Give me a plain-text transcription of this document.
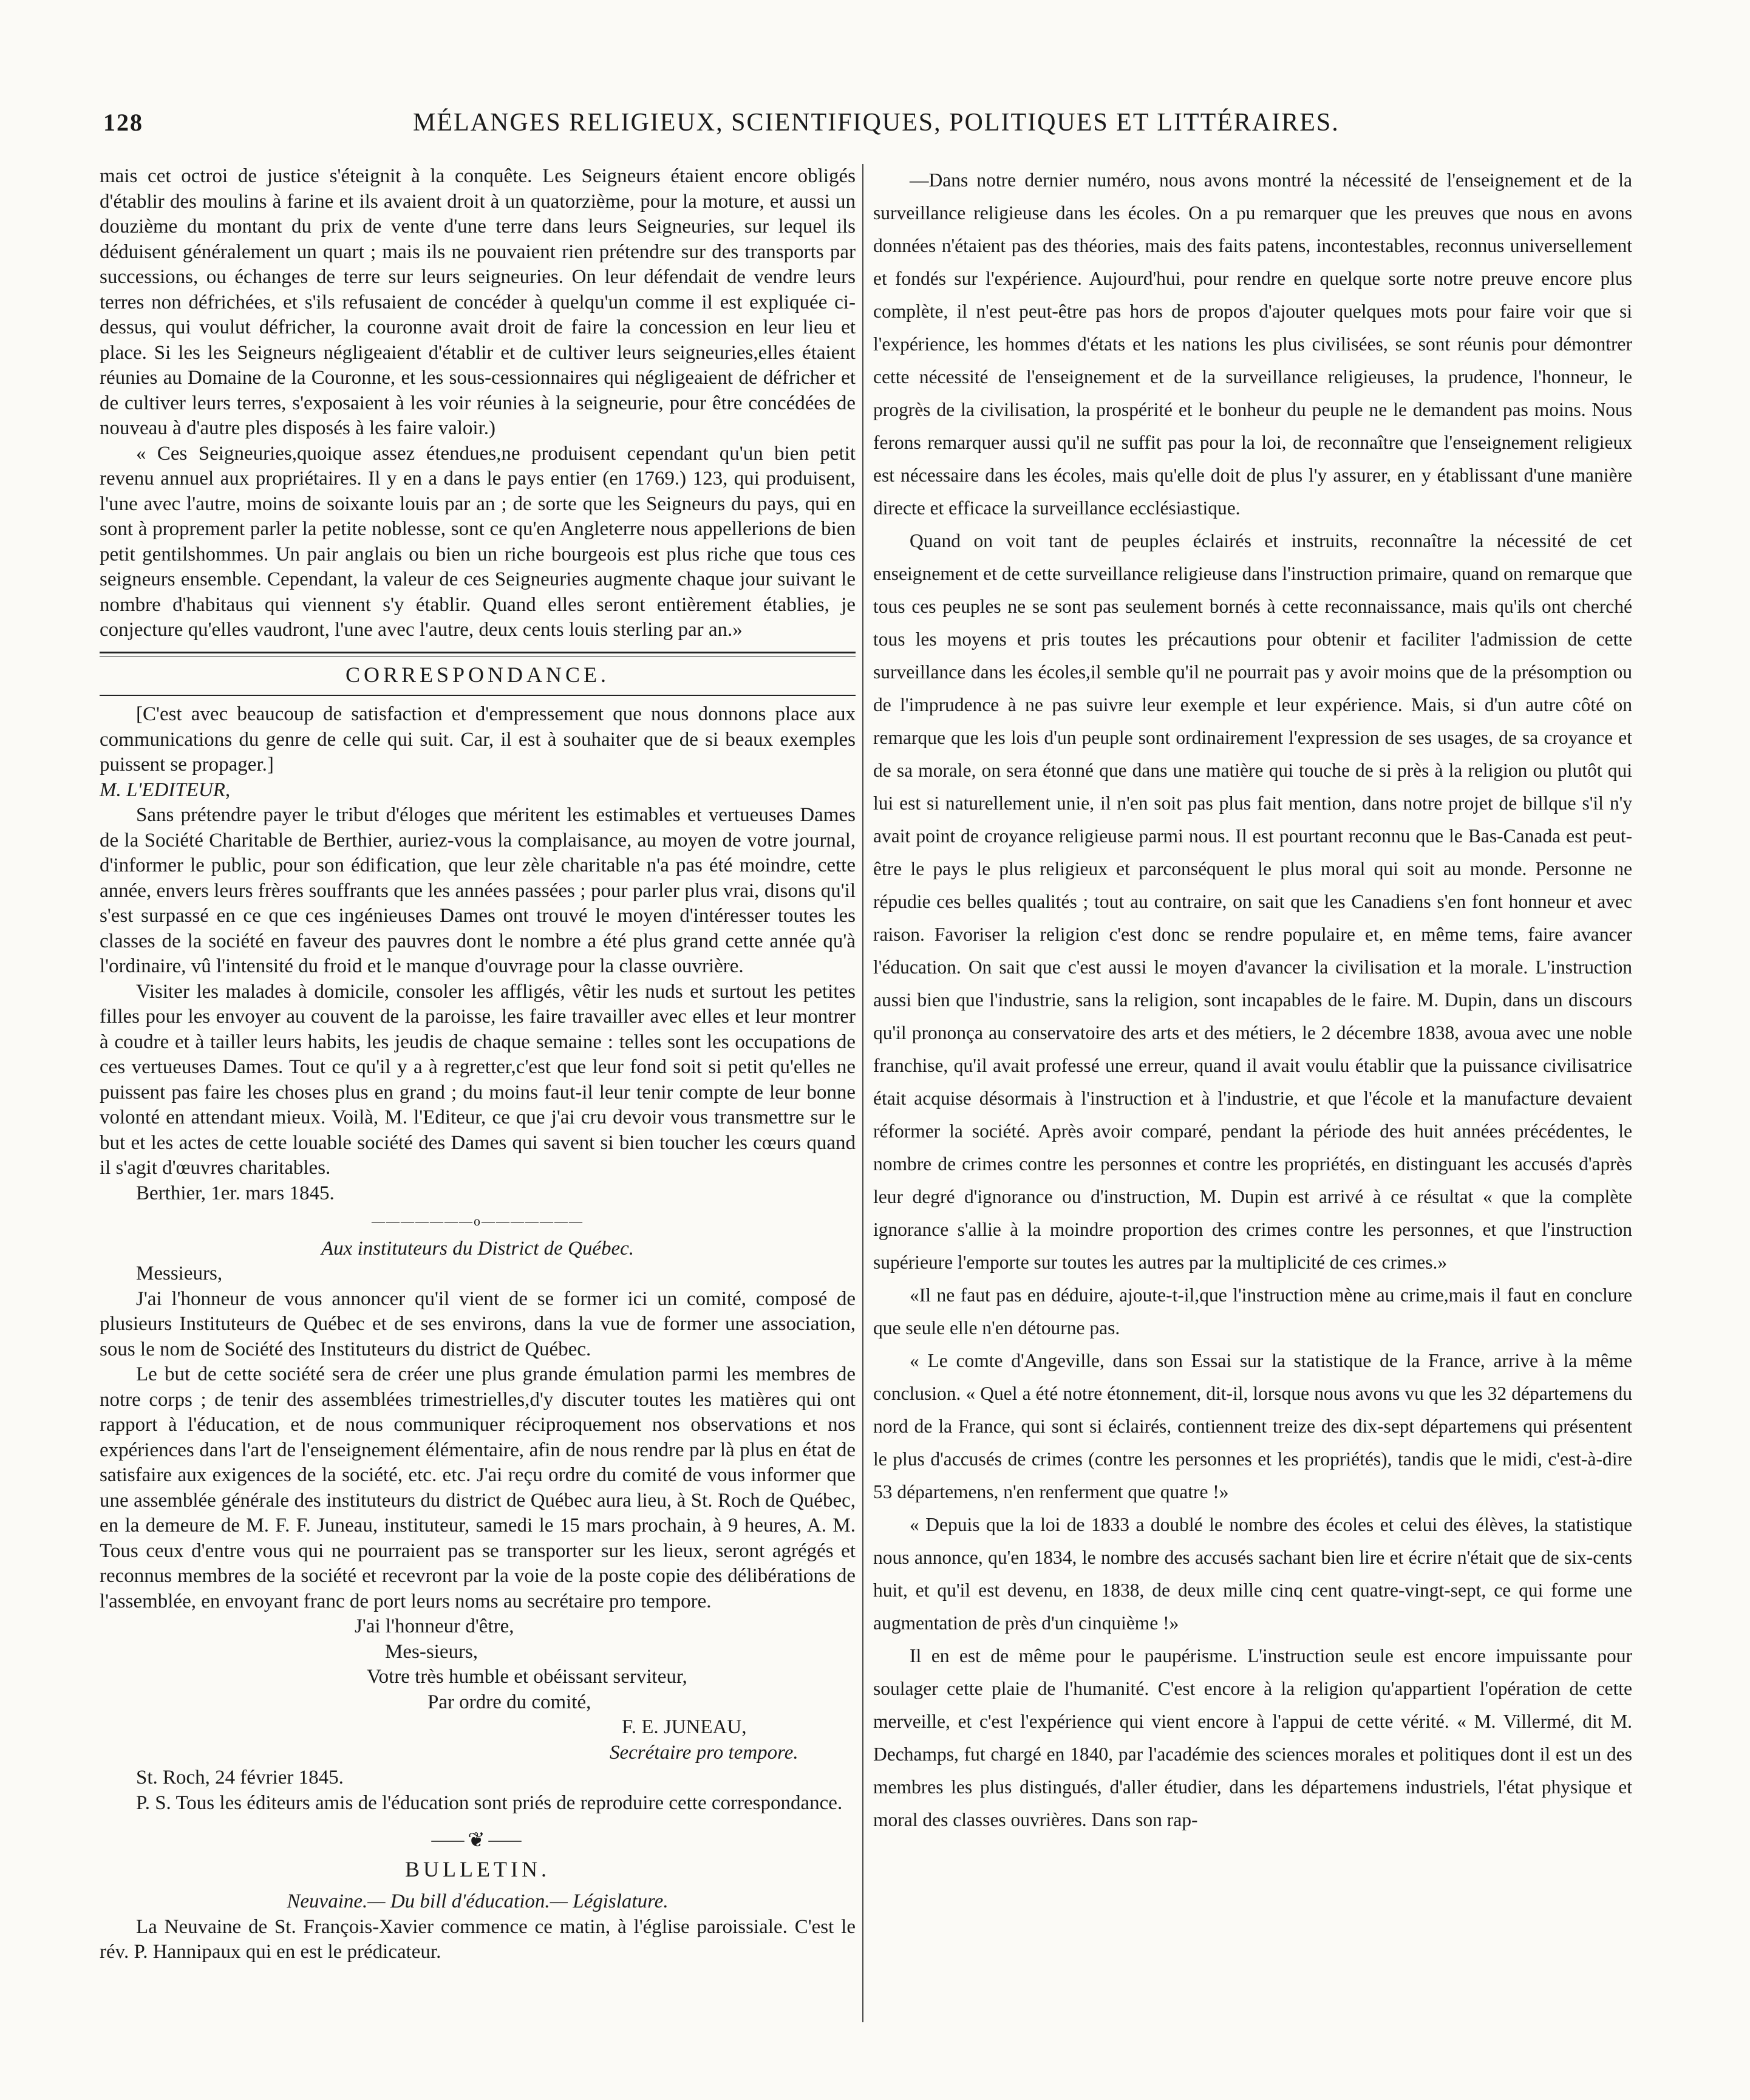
128	MÉLANGES RELIGIEUX, SCIENTIFIQUES, POLITIQUES ET LITTÉRAIRES.

mais cet octroi de justice s'éteignit à la conquête. Les Seigneurs étaient encore obligés d'établir des moulins à farine et ils avaient droit à un quatorzième, pour la moture, et aussi un douzième du montant du prix de vente d'une terre dans leurs Seigneuries, sur lequel ils déduisent généralement un quart ; mais ils ne pouvaient rien prétendre sur des transports par successions, ou échanges de terre sur leurs seigneuries. On leur défendait de vendre leurs terres non défrichées, et s'ils refusaient de concéder à quelqu'un comme il est expliquée ci-dessus, qui voulut défricher, la couronne avait droit de faire la concession en leur lieu et place. Si les les Seigneurs négligeaient d'établir et de cultiver leurs seigneuries,elles étaient réunies au Domaine de la Couronne, et les sous-cessionnaires qui négligeaient de défricher et de cultiver leurs terres, s'exposaient à les voir réunies à la seigneurie, pour être concédées de nouveau à d'autre ples disposés à les faire valoir.)

« Ces Seigneuries,quoique assez étendues,ne produisent cependant qu'un bien petit revenu annuel aux propriétaires. Il y en a dans le pays entier (en 1769.) 123, qui produisent, l'une avec l'autre, moins de soixante louis par an ; de sorte que les Seigneurs du pays, qui en sont à proprement parler la petite noblesse, sont ce qu'en Angleterre nous appellerions de bien petit gentilshommes. Un pair anglais ou bien un riche bourgeois est plus riche que tous ces seigneurs ensemble. Cependant, la valeur de ces Seigneuries augmente chaque jour suivant le nombre d'habitaus qui viennent s'y établir. Quand elles seront entièrement établies, je conjecture qu'elles vaudront, l'une avec l'autre, deux cents louis sterling par an.»

CORRESPONDANCE.

[C'est avec beaucoup de satisfaction et d'empressement que nous donnons place aux communications du genre de celle qui suit. Car, il est à souhaiter que de si beaux exemples puissent se propager.]

M. L'EDITEUR,

Sans prétendre payer le tribut d'éloges que méritent les estimables et vertueuses Dames de la Société Charitable de Berthier, auriez-vous la complaisance, au moyen de votre journal, d'informer le public, pour son édification, que leur zèle charitable n'a pas été moindre, cette année, envers leurs frères souffrants que les années passées ; pour parler plus vrai, disons qu'il s'est surpassé en ce que ces ingénieuses Dames ont trouvé le moyen d'intéresser toutes les classes de la société en faveur des pauvres dont le nombre a été plus grand cette année qu'à l'ordinaire, vû l'intensité du froid et le manque d'ouvrage pour la classe ouvrière.

Visiter les malades à domicile, consoler les affligés, vêtir les nuds et surtout les petites filles pour les envoyer au couvent de la paroisse, les faire travailler avec elles et leur montrer à coudre et à tailler leurs habits, les jeudis de chaque semaine : telles sont les occupations de ces vertueuses Dames. Tout ce qu'il y a à regretter,c'est que leur fond soit si petit qu'elles ne puissent pas faire les choses plus en grand ; du moins faut-il leur tenir compte de leur bonne volonté en attendant mieux. Voilà, M. l'Editeur, ce que j'ai cru devoir vous transmettre sur le but et les actes de cette louable société des Dames qui savent si bien toucher les cœurs quand il s'agit d'œuvres charitables.

Berthier, 1er. mars 1845.

———————o———————

Aux instituteurs du District de Québec.

Messieurs,

J'ai l'honneur de vous annoncer qu'il vient de se former ici un comité, composé de plusieurs Instituteurs de Québec et de ses environs, dans la vue de former une association, sous le nom de Société des Instituteurs du district de Québec.

Le but de cette société sera de créer une plus grande émulation parmi les membres de notre corps ; de tenir des assemblées trimestrielles,d'y discuter toutes les matières qui ont rapport à l'éducation, et de nous communiquer réciproquement nos observations et nos expériences dans l'art de l'enseignement élémentaire, afin de nous rendre par là plus en état de satisfaire aux exigences de la société, etc. etc. J'ai reçu ordre du comité de vous informer que une assemblée générale des instituteurs du district de Québec aura lieu, à St. Roch de Québec, en la demeure de M. F. F. Juneau, instituteur, samedi le 15 mars prochain, à 9 heures, A. M. Tous ceux d'entre vous qui ne pourraient pas se transporter sur les lieux, seront agrégés et reconnus membres de la société et recevront par la voie de la poste copie des délibérations de l'assemblée, en envoyant franc de port leurs noms au secrétaire pro tempore.

J'ai l'honneur d'être,

Mes-sieurs,

Votre très humble et obéissant serviteur,

Par ordre du comité,

F. E. JUNEAU,

Secrétaire pro tempore.

St. Roch, 24 février 1845.

P. S. Tous les éditeurs amis de l'éducation sont priés de reproduire cette correspondance.

⸺❦⸺
BULLETIN.

Neuvaine.— Du bill d'éducation.— Législature.

La Neuvaine de St. François-Xavier commence ce matin, à l'église paroissiale. C'est le rév. P. Hannipaux qui en est le prédicateur.

—Dans notre dernier numéro, nous avons montré la nécessité de l'enseignement et de la surveillance religieuse dans les écoles. On a pu remarquer que les preuves que nous en avons données n'étaient pas des théories, mais des faits patens, incontestables, reconnus universellement et fondés sur l'expérience. Aujourd'hui, pour rendre en quelque sorte notre preuve encore plus complète, il n'est peut-être pas hors de propos d'ajouter quelques mots pour faire voir que si l'expérience, les hommes d'états et les nations les plus civilisées, se sont réunis pour démontrer cette nécessité de l'enseignement et de la surveillance religieuses, la prudence, l'honneur, le progrès de la civilisation, la prospérité et le bonheur du peuple ne le demandent pas moins. Nous ferons remarquer aussi qu'il ne suffit pas pour la loi, de reconnaître que l'enseignement religieux est nécessaire dans les écoles, mais qu'elle doit de plus l'y assurer, en y établissant d'une manière directe et efficace la surveillance ecclésiastique.

Quand on voit tant de peuples éclairés et instruits, reconnaître la nécessité de cet enseignement et de cette surveillance religieuse dans l'instruction primaire, quand on remarque que tous ces peuples ne se sont pas seulement bornés à cette reconnaissance, mais qu'ils ont cherché tous les moyens et pris toutes les précautions pour obtenir et faciliter l'admission de cette surveillance dans les écoles,il semble qu'il ne pourrait pas y avoir moins que de la présomption ou de l'imprudence à ne pas suivre leur exemple et leur expérience. Mais, si d'un autre côté on remarque que les lois d'un peuple sont ordinairement l'expression de ses usages, de sa croyance et de sa morale, on sera étonné que dans une matière qui touche de si près à la religion ou plutôt qui lui est si naturellement unie, il n'en soit pas plus fait mention, dans notre projet de billque s'il n'y avait point de croyance religieuse parmi nous. Il est pourtant reconnu que le Bas-Canada est peut-être le pays le plus religieux et parconséquent le plus moral qui soit au monde. Personne ne répudie ces belles qualités ; tout au contraire, on sait que les Canadiens s'en font honneur et avec raison. Favoriser la religion c'est donc se rendre populaire et, en même tems, faire avancer l'éducation. On sait que c'est aussi le moyen d'avancer la civilisation et la morale. L'instruction aussi bien que l'industrie, sans la religion, sont incapables de le faire. M. Dupin, dans un discours qu'il prononça au conservatoire des arts et des métiers, le 2 décembre 1838, avoua avec une noble franchise, qu'il avait professé une erreur, quand il avait voulu établir que la puissance civilisatrice était acquise désormais à l'instruction et à l'industrie, et que l'école et la manufacture devaient réformer la société. Après avoir comparé, pendant la période des huit années précédentes, le nombre de crimes contre les personnes et contre les propriétés, en distinguant les accusés d'après leur degré d'ignorance ou d'instruction, M. Dupin est arrivé à ce résultat « que la complète ignorance s'allie à la moindre proportion des crimes contre les personnes, et que l'instruction supérieure l'emporte sur toutes les autres par la multiplicité de ces crimes.»

«Il ne faut pas en déduire, ajoute-t-il,que l'instruction mène au crime,mais il faut en conclure que seule elle n'en détourne pas.

« Le comte d'Angeville, dans son Essai sur la statistique de la France, arrive à la même conclusion. « Quel a été notre étonnement, dit-il, lorsque nous avons vu que les 32 départemens du nord de la France, qui sont si éclairés, contiennent treize des dix-sept départemens qui présentent le plus d'accusés de crimes (contre les personnes et les propriétés), tandis que le midi, c'est-à-dire 53 départemens, n'en renferment que quatre !»

« Depuis que la loi de 1833 a doublé le nombre des écoles et celui des élèves, la statistique nous annonce, qu'en 1834, le nombre des accusés sachant bien lire et écrire n'était que de six-cents huit, et qu'il est devenu, en 1838, de deux mille cinq cent quatre-vingt-sept, ce qui forme une augmentation de près d'un cinquième !»

Il en est de même pour le paupérisme. L'instruction seule est encore impuissante pour soulager cette plaie de l'humanité. C'est encore à la religion qu'appartient l'opération de cette merveille, et c'est l'expérience qui vient encore à l'appui de cette vérité. « M. Villermé, dit M. Dechamps, fut chargé en 1840, par l'académie des sciences morales et politiques dont il est un des membres les plus distingués, d'aller étudier, dans les départemens industriels, l'état physique et moral des classes ouvrières. Dans son rap-
